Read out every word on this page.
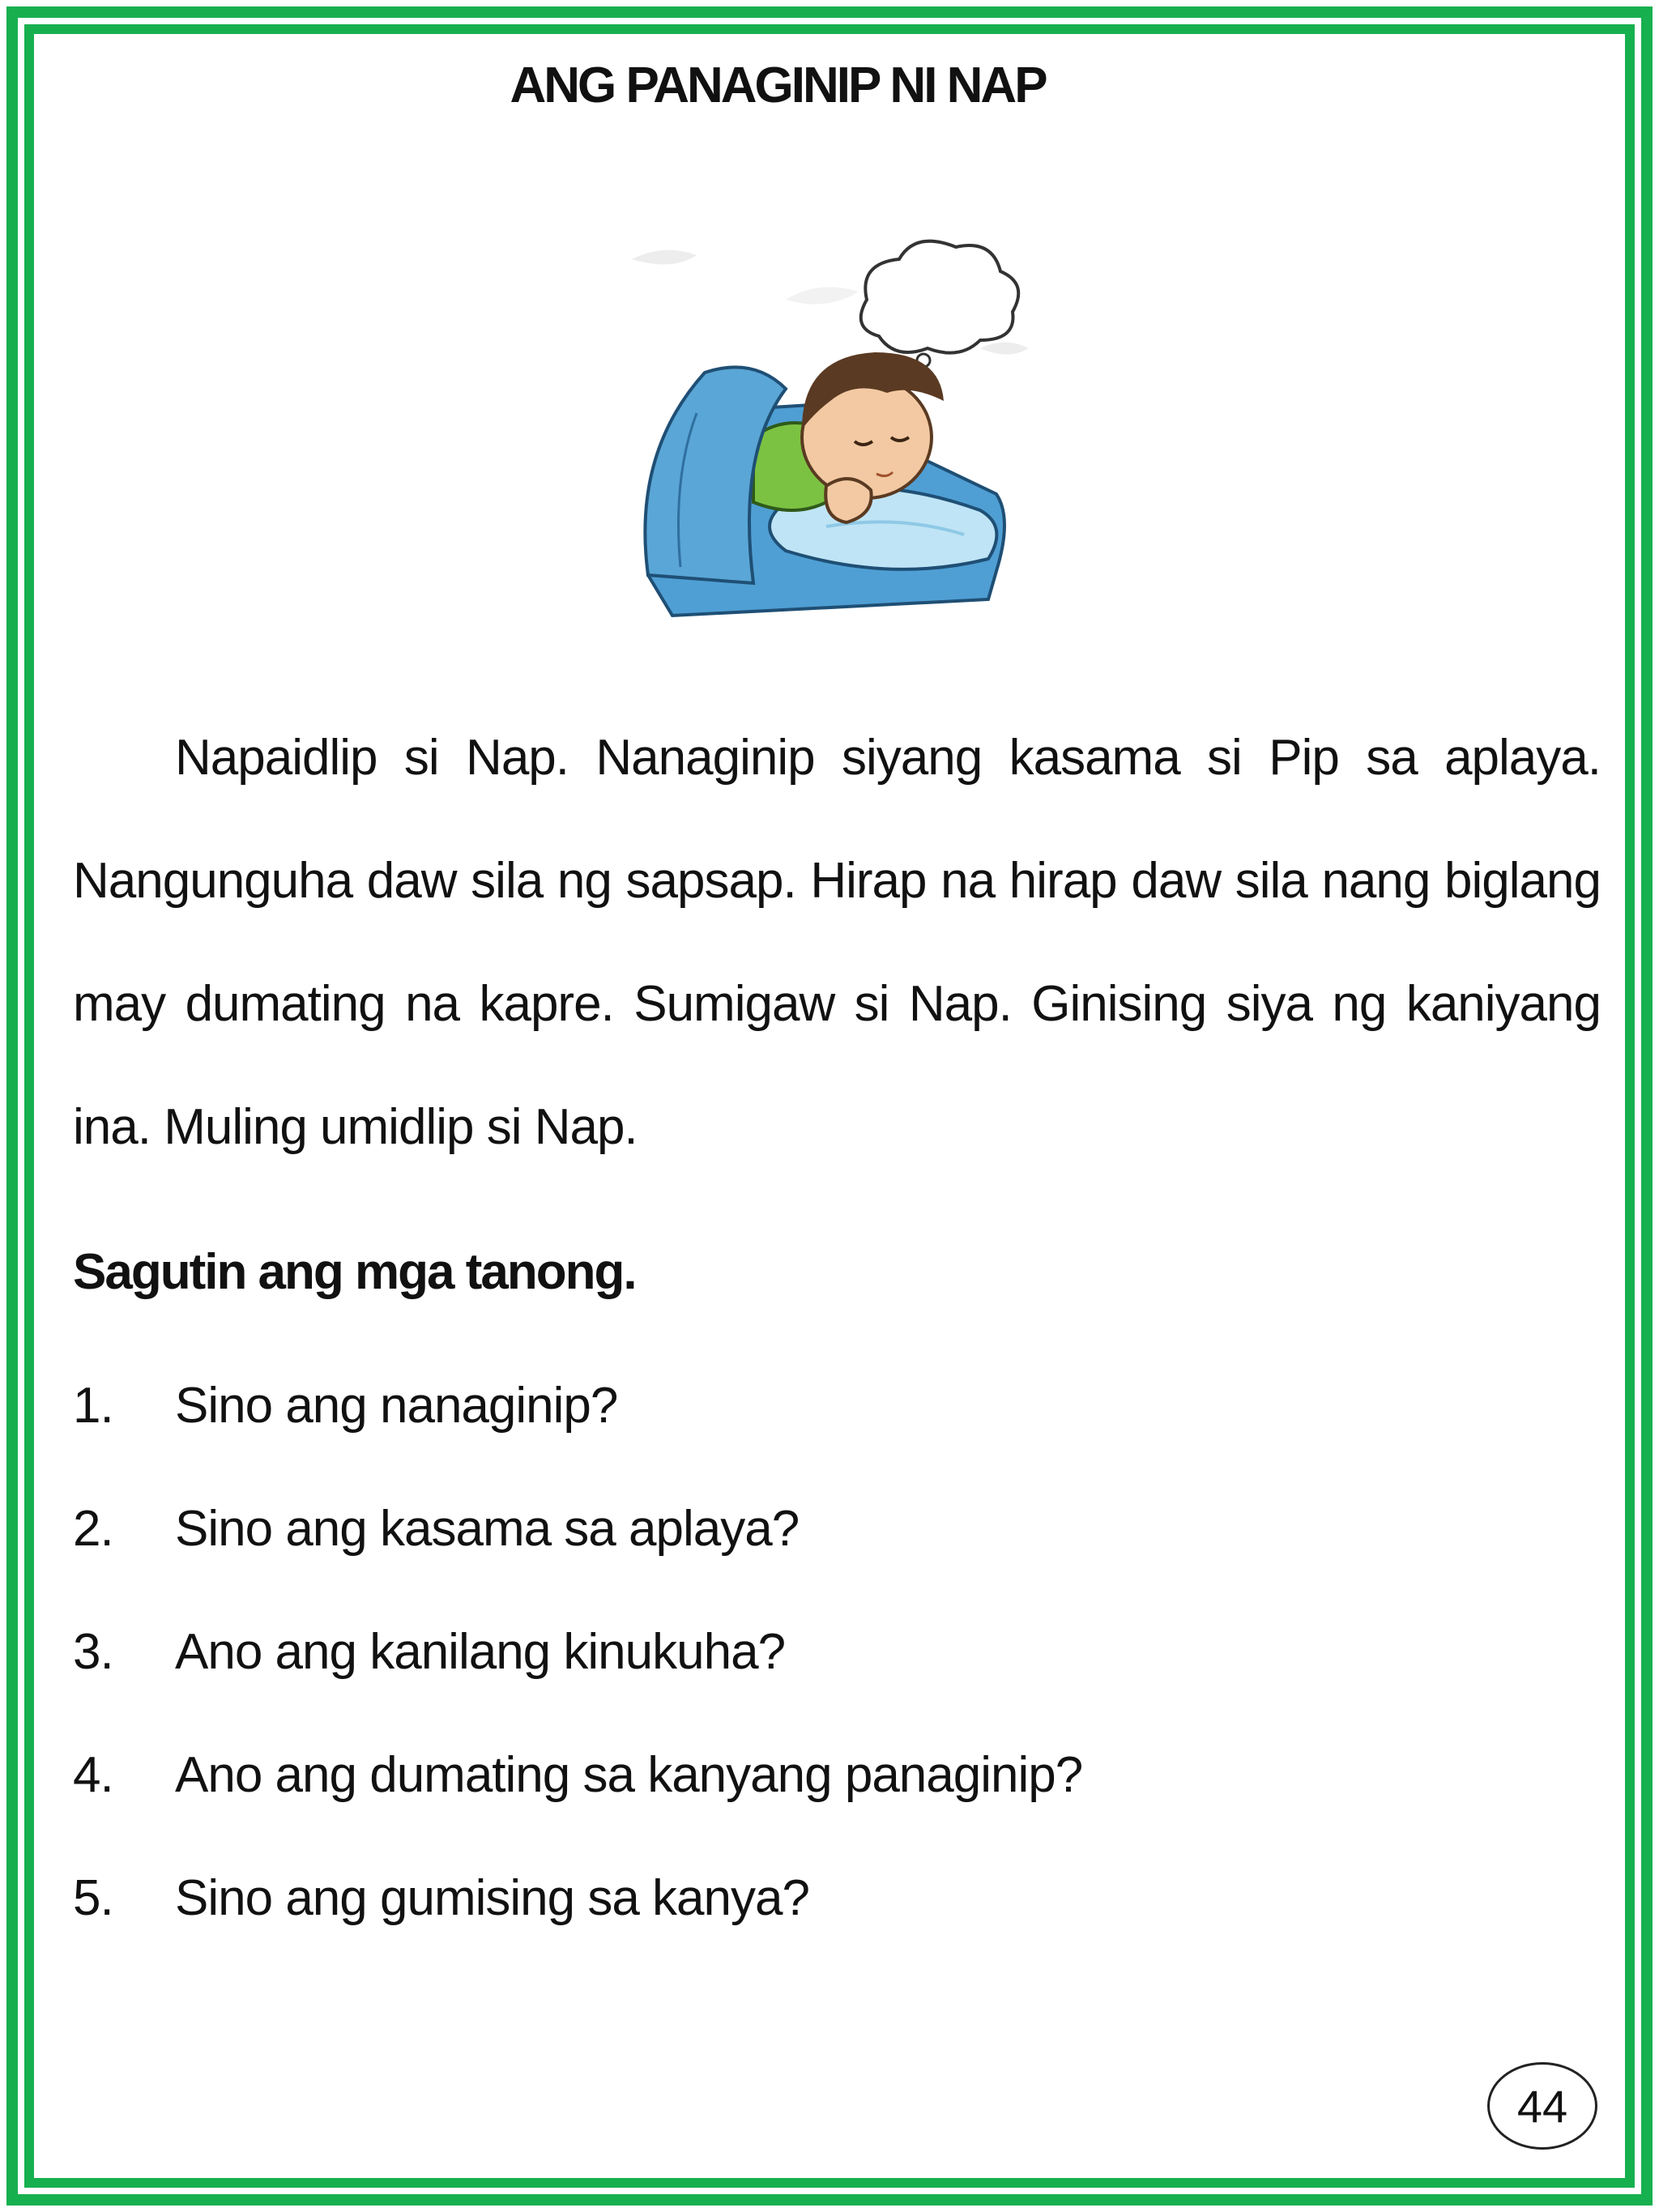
ANG PANAGINIP NI NAP

Napaidlip si Nap. Nanaginip siyang kasama si Pip sa aplaya. Nangunguha daw sila ng sapsap. Hirap na hirap daw sila nang biglang may dumating na kapre. Sumigaw si Nap. Ginising siya ng kaniyang ina. Muling umidlip si Nap.

Sagutin ang mga tanong.

1.	Sino ang nanaginip?
2.	Sino ang kasama sa aplaya?
3.	Ano ang kanilang kinukuha?
4.	Ano ang dumating sa kanyang panaginip?
5.	Sino ang gumising sa kanya?
44
